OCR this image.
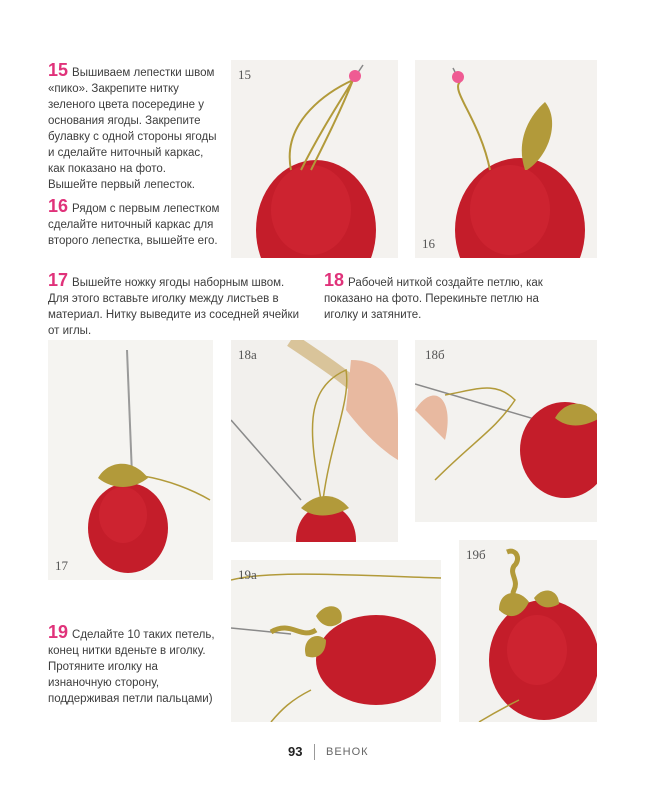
15 Вышиваем лепестки швом «пико». Закрепите нитку зеленого цвета посередине у основания ягоды. Закрепите булавку с одной стороны ягоды и сделайте ниточный каркас, как показано на фото. Вышейте первый лепесток.
16 Рядом с первым лепестком сделайте ниточный каркас для второго лепестка, вышейте его.
17 Вышейте ножку ягоды наборным швом. Для этого вставьте иголку между листьев в материал. Нитку выведите из соседней ячейки от иглы.
18 Рабочей ниткой создайте петлю, как показано на фото. Перекиньте петлю на иголку и затяните.
19 Сделайте 10 таких петель, конец нитки вденьте в иголку. Протяните иголку на изнаночную сторону, поддерживая петли пальцами)
15
16
17
18а	18б
19а
19б
93 ВЕНОК
